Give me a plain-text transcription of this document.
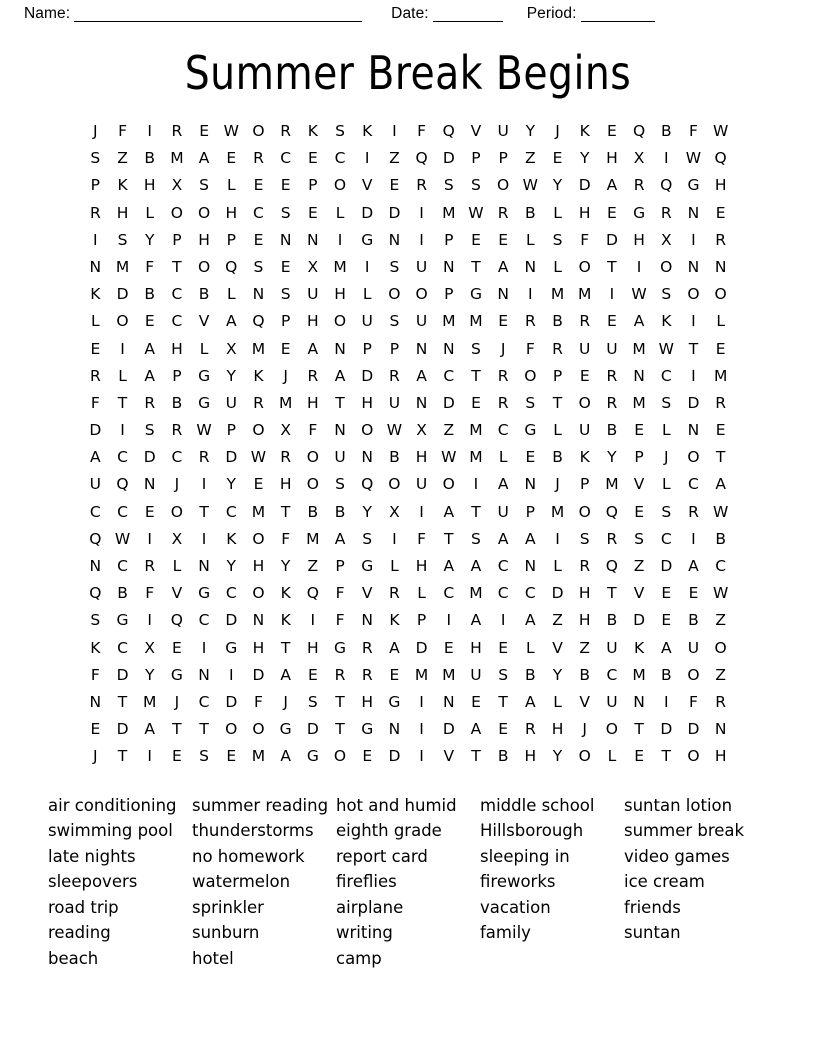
Name:	Date:	Period:
Summer Break Begins
J	F	I	R	E W O	R	K	S	K	I	F	Q	V	U	Y	J	K	E	Q	B	F W
S	Z	B M A	E	R	C	E	C	I	Z	Q D	P	P	Z	E	Y	H	X	I	W Q
P	K	H	X	S	L	E	E	P	O	V	E	R	S	S	O W Y	D	A	R	Q G H
R	H	L	O O H	C	S	E	L	D D	I	M W R	B	L	H	E	G	R	N	E
I	S	Y	P	H	P	E	N	N	I	G N	I	P	E	E	L	S	F	D H	X	I	R
N M	F	T	O Q	S	E	X M	I	S	U	N	T	A	N	L	O	T	I	O N	N
K	D	B	C	B	L	N	S	U	H	L	O O	P	G N	I	M M	I	W S	O O
L	O	E	C	V	A	Q	P	H O U	S	U M M	E	R	B	R	E	A	K	I	L
E	I	A	H	L	X M	E	A	N	P	P	N	N	S	J	F	R	U	U M W T	E
R	L	A	P	G	Y	K	J	R	A	D	R	A	C	T	R	O	P	E	R	N	C	I	M
F	T	R	B	G	U	R M H	T	H	U	N D	E	R	S	T	O	R M	S	D	R
D	I	S	R W P	O	X	F	N O W X	Z M C	G	L	U	B	E	L	N	E
A	C	D	C	R	D W R	O U	N	B	H W M	L	E	B	K	Y	P	J	O	T
U Q N	J	I	Y	E	H O	S	Q O U O	I	A	N	J	P	M V	L	C	A
C	C	E	O	T	C M	T	B	B	Y	X	I	A	T	U	P	M O Q	E	S	R W
Q W	I	X	I	K	O	F	M A	S	I	F	T	S	A	A	I	S	R	S	C	I	B
N	C	R	L	N	Y	H	Y	Z	P	G	L	H	A	A	C	N	L	R	Q	Z	D	A	C
Q	B	F	V	G	C	O	K	Q	F	V	R	L	C M C	C	D H	T	V	E	E W
S	G	I	Q	C	D N	K	I	F	N	K	P	I	A	I	A	Z	H	B	D	E	B	Z
K	C	X	E	I	G H	T	H G	R	A	D	E	H	E	L	V	Z	U	K	A	U O
F	D	Y	G N	I	D	A	E	R	R	E	M M U	S	B	Y	B	C M B	O	Z
N	T	M	J	C	D	F	J	S	T	H G	I	N	E	T	A	L	V	U	N	I	F	R
E	D	A	T	T	O O G D	T	G N	I	D	A	E	R	H	J	O	T	D D N
J	T	I	E	S	E	M A	G O	E	D	I	V	T	B	H	Y	O	L	E	T	O H
air conditioning
swimming pool
late nights
sleepovers
road trip
reading
beach
summer reading
thunderstorms
no homework
watermelon
sprinkler
sunburn
hotel
hot and humid
eighth grade
report card
fireflies
airplane
writing
camp
middle school
Hillsborough
sleeping in
fireworks
vacation
family
suntan lotion
summer break
video games
ice cream
friends
suntan
